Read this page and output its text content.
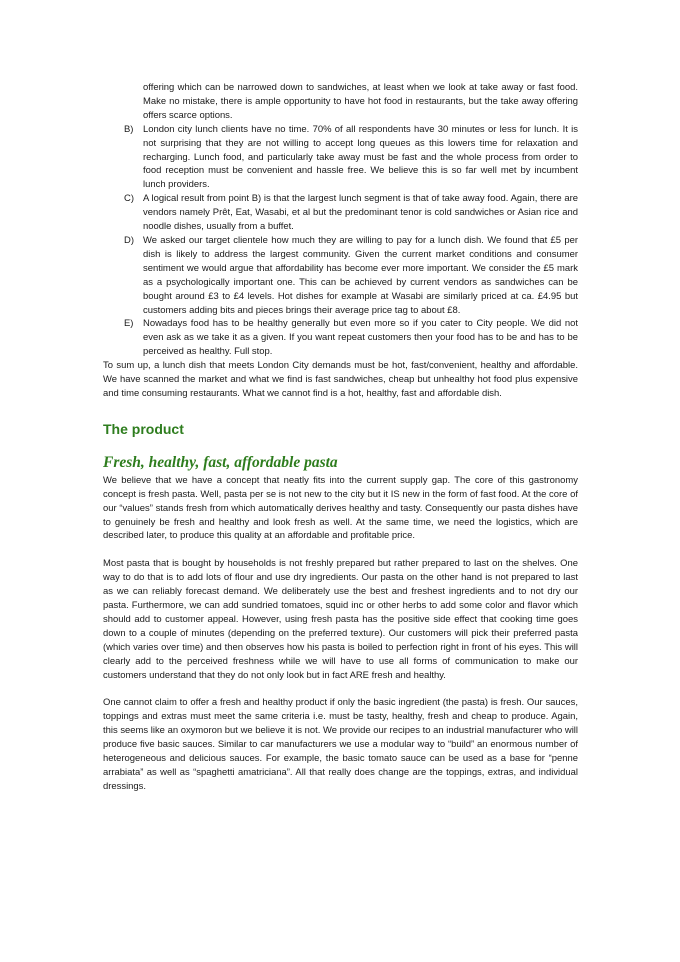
offering which can be narrowed down to sandwiches, at least when we look at take away or fast food. Make no mistake, there is ample opportunity to have hot food in restaurants, but the take away offering offers scarce options.

B)	London city lunch clients have no time. 70% of all respondents have 30 minutes or less for lunch. It is not surprising that they are not willing to accept long queues as this lowers time for relaxation and recharging. Lunch food, and particularly take away must be fast and the whole process from order to food reception must be convenient and hassle free. We believe this is so far well met by incumbent lunch providers.
C) A logical result from point B) is that the largest lunch segment is that of take away food. Again, there are vendors namely Prêt, Eat, Wasabi, et al but the predominant tenor is cold sandwiches or Asian rice and noodle dishes, usually from a buffet.
D) We asked our target clientele how much they are willing to pay for a lunch dish. We found that £5 per dish is likely to address the largest community. Given the current market conditions and consumer sentiment we would argue that affordability has become ever more important. We consider the £5 mark as a psychologically important one. This can be achieved by current vendors as sandwiches can be bought around £3 to £4 levels. Hot dishes for example at Wasabi are similarly priced at ca. £4.95 but customers adding bits and pieces brings their average price tag to about £8.
E)	Nowadays food has to be healthy generally but even more so if you cater to City people. We did not even ask as we take it as a given. If you want repeat customers then your food has to be and has to be perceived as healthy. Full stop.

To sum up, a lunch dish that meets London City demands must be hot, fast/convenient, healthy and affordable. We have scanned the market and what we find is fast sandwiches, cheap but unhealthy hot food plus expensive and time consuming restaurants. What we cannot find is a hot, healthy, fast and affordable dish.

The product
Fresh, healthy, fast, affordable pasta

We believe that we have a concept that neatly fits into the current supply gap. The core of this gastronomy concept is fresh pasta. Well, pasta per se is not new to the city but it IS new in the form of fast food. At the core of our “values” stands fresh from which automatically derives healthy and tasty. Consequently our pasta dishes have to genuinely be fresh and healthy and look fresh as well. At the same time, we need the logistics, which are described later, to produce this quality at an affordable and profitable price.

Most pasta that is bought by households is not freshly prepared but rather prepared to last on the shelves. One way to do that is to add lots of flour and use dry ingredients. Our pasta on the other hand is not prepared to last as we can reliably forecast demand. We deliberately use the best and freshest ingredients and to not dry our pasta. Furthermore, we can add sundried tomatoes, squid inc or other herbs to add some color and flavor which should add to customer appeal. However, using fresh pasta has the positive side effect that cooking time goes down to a couple of minutes (depending on the preferred texture). Our customers will pick their preferred pasta (which varies over time) and then observes how his pasta is boiled to perfection right in front of his eyes. This will clearly add to the perceived freshness while we will have to use all forms of communication to make our customers understand that they do not only look but in fact ARE fresh and healthy.

One cannot claim to offer a fresh and healthy product if only the basic ingredient (the pasta) is fresh. Our sauces, toppings and extras must meet the same criteria i.e. must be tasty, healthy, fresh and cheap to produce. Again, this seems like an oxymoron but we believe it is not. We provide our recipes to an industrial manufacturer who will produce five basic sauces. Similar to car manufacturers we use a modular way to “build” an enormous number of heterogeneous and delicious sauces. For example, the basic tomato sauce can be used as a base for “penne arrabiata” as well as “spaghetti amatriciana”. All that really does change are the toppings, extras, and individual dressings.
